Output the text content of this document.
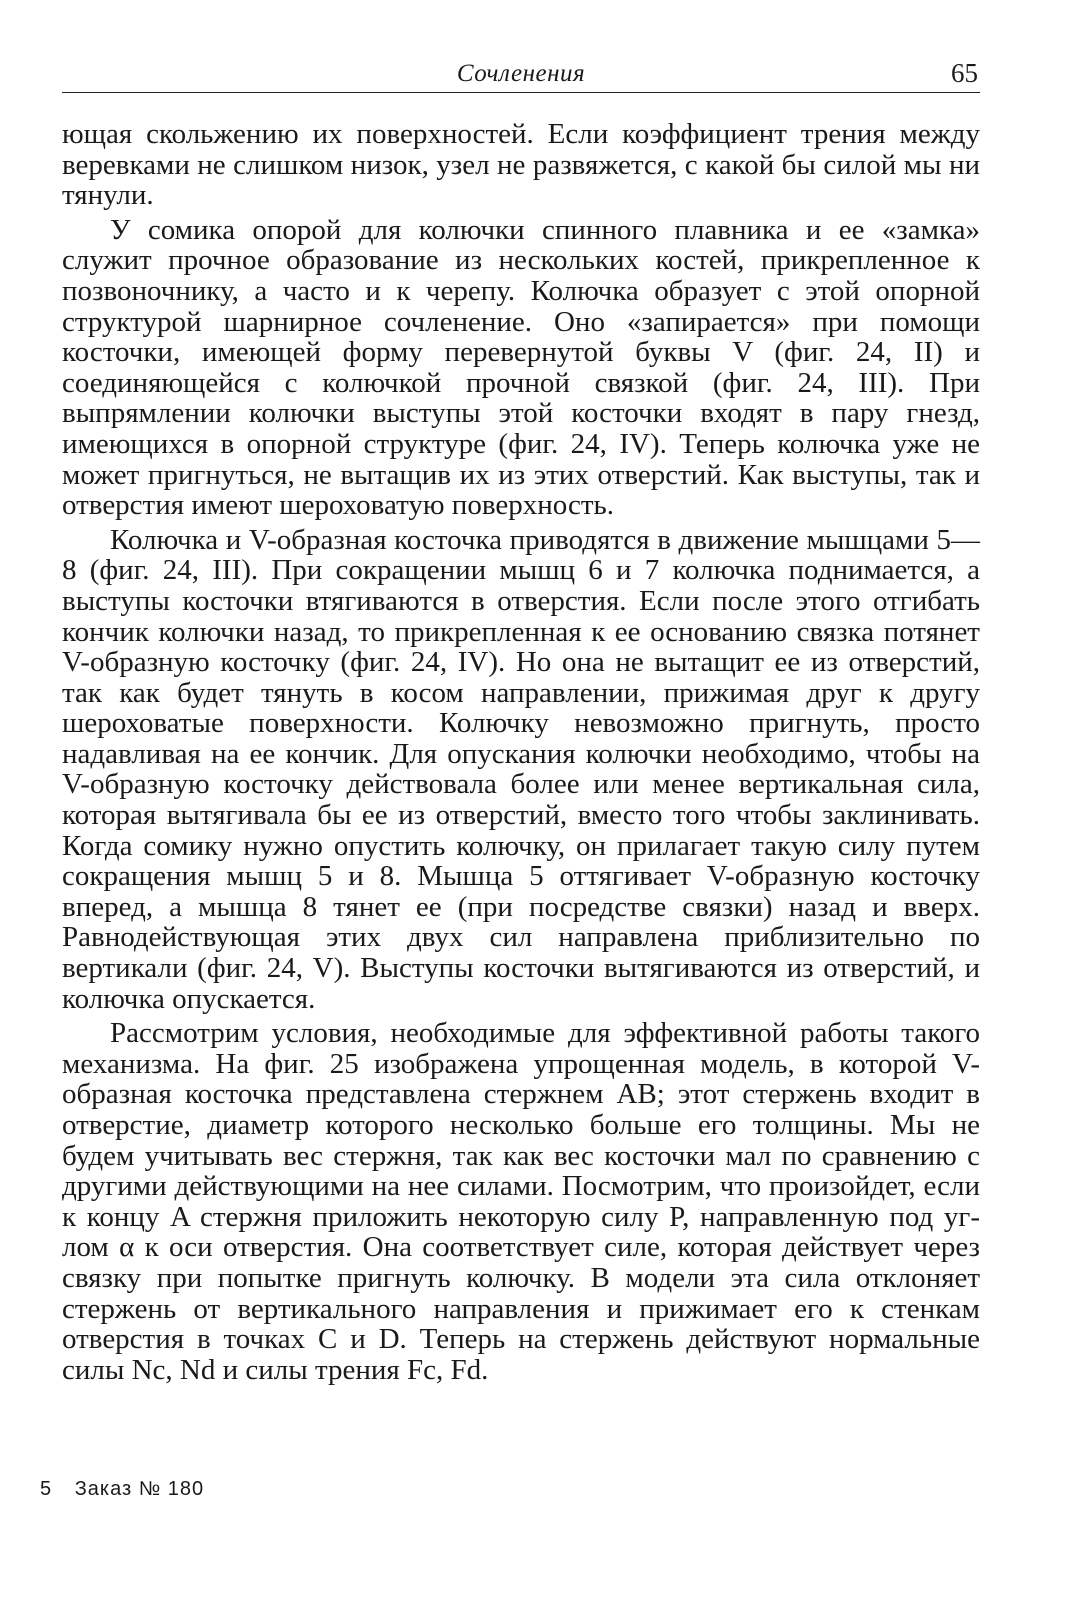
Сочленения	65

ющая скольжению их поверхностей. Если коэффициент трения между веревками не слишком низок, узел не развяжется, с какой бы силой мы ни тянули.

У сомика опорой для колючки спинного плавника и ее «замка» служит прочное образование из нескольких костей, прикрепленное к позвоночнику, а часто и к черепу. Колючка образует с этой опорной структурой шарнирное сочленение. Оно «запирается» при помощи косточки, имеющей форму перевернутой буквы V (фиг. 24, II) и соединяющейся с колючкой прочной связкой (фиг. 24, III). При выпрямлении колючки выступы этой косточки входят в пару гнезд, имеющихся в опорной структуре (фиг. 24, IV). Теперь колючка уже не может пригнуться, не вытащив их из этих отверстий. Как выступы, так и отверстия имеют шероховатую поверхность.

Колючка и V-образная косточка приводятся в движение мышцами 5—8 (фиг. 24, III). При сокращении мышц 6 и 7 колючка поднимается, а выступы косточки втягиваются в отверстия. Если после этого отгибать кончик колючки назад, то прикрепленная к ее основанию связка потянет V-образную косточку (фиг. 24, IV). Но она не вытащит ее из отверстий, так как будет тянуть в косом направлении, прижимая друг к другу шероховатые поверхности. Колючку невозможно пригнуть, просто надавливая на ее кончик. Для опускания колючки необходимо, чтобы на V-образную косточку действовала более или менее вертикальная сила, которая вытягивала бы ее из отверстий, вместо того чтобы заклинивать. Когда сомику нужно опустить колючку, он прилагает такую силу путем сокращения мышц 5 и 8. Мышца 5 оттягивает V-образную косточку вперед, а мышца 8 тянет ее (при посредстве связки) назад и вверх. Равнодействующая этих двух сил направлена приблизительно по вертикали (фиг. 24, V). Выступы косточки вытягиваются из отверстий, и колючка опускается.

Рассмотрим условия, необходимые для эффективной работы такого механизма. На фиг. 25 изображена упрощенная модель, в которой V-образная косточка представлена стержнем AB; этот стержень входит в отверстие, диаметр которого несколько больше его толщины. Мы не будем учитывать вес стержня, так как вес косточки мал по сравнению с другими действующими на нее силами. Посмотрим, что произойдет, если к концу A стержня приложить некоторую силу P, направленную под углом α к оси отверстия. Она соответствует силе, которая действует через связку при попытке пригнуть колючку. В модели эта сила отклоняет стержень от вертикального направления и прижимает его к стенкам отверстия в точках C и D. Теперь на стержень действуют нормальные силы Nc, Nd и силы трения Fc, Fd.

5 Заказ № 180
